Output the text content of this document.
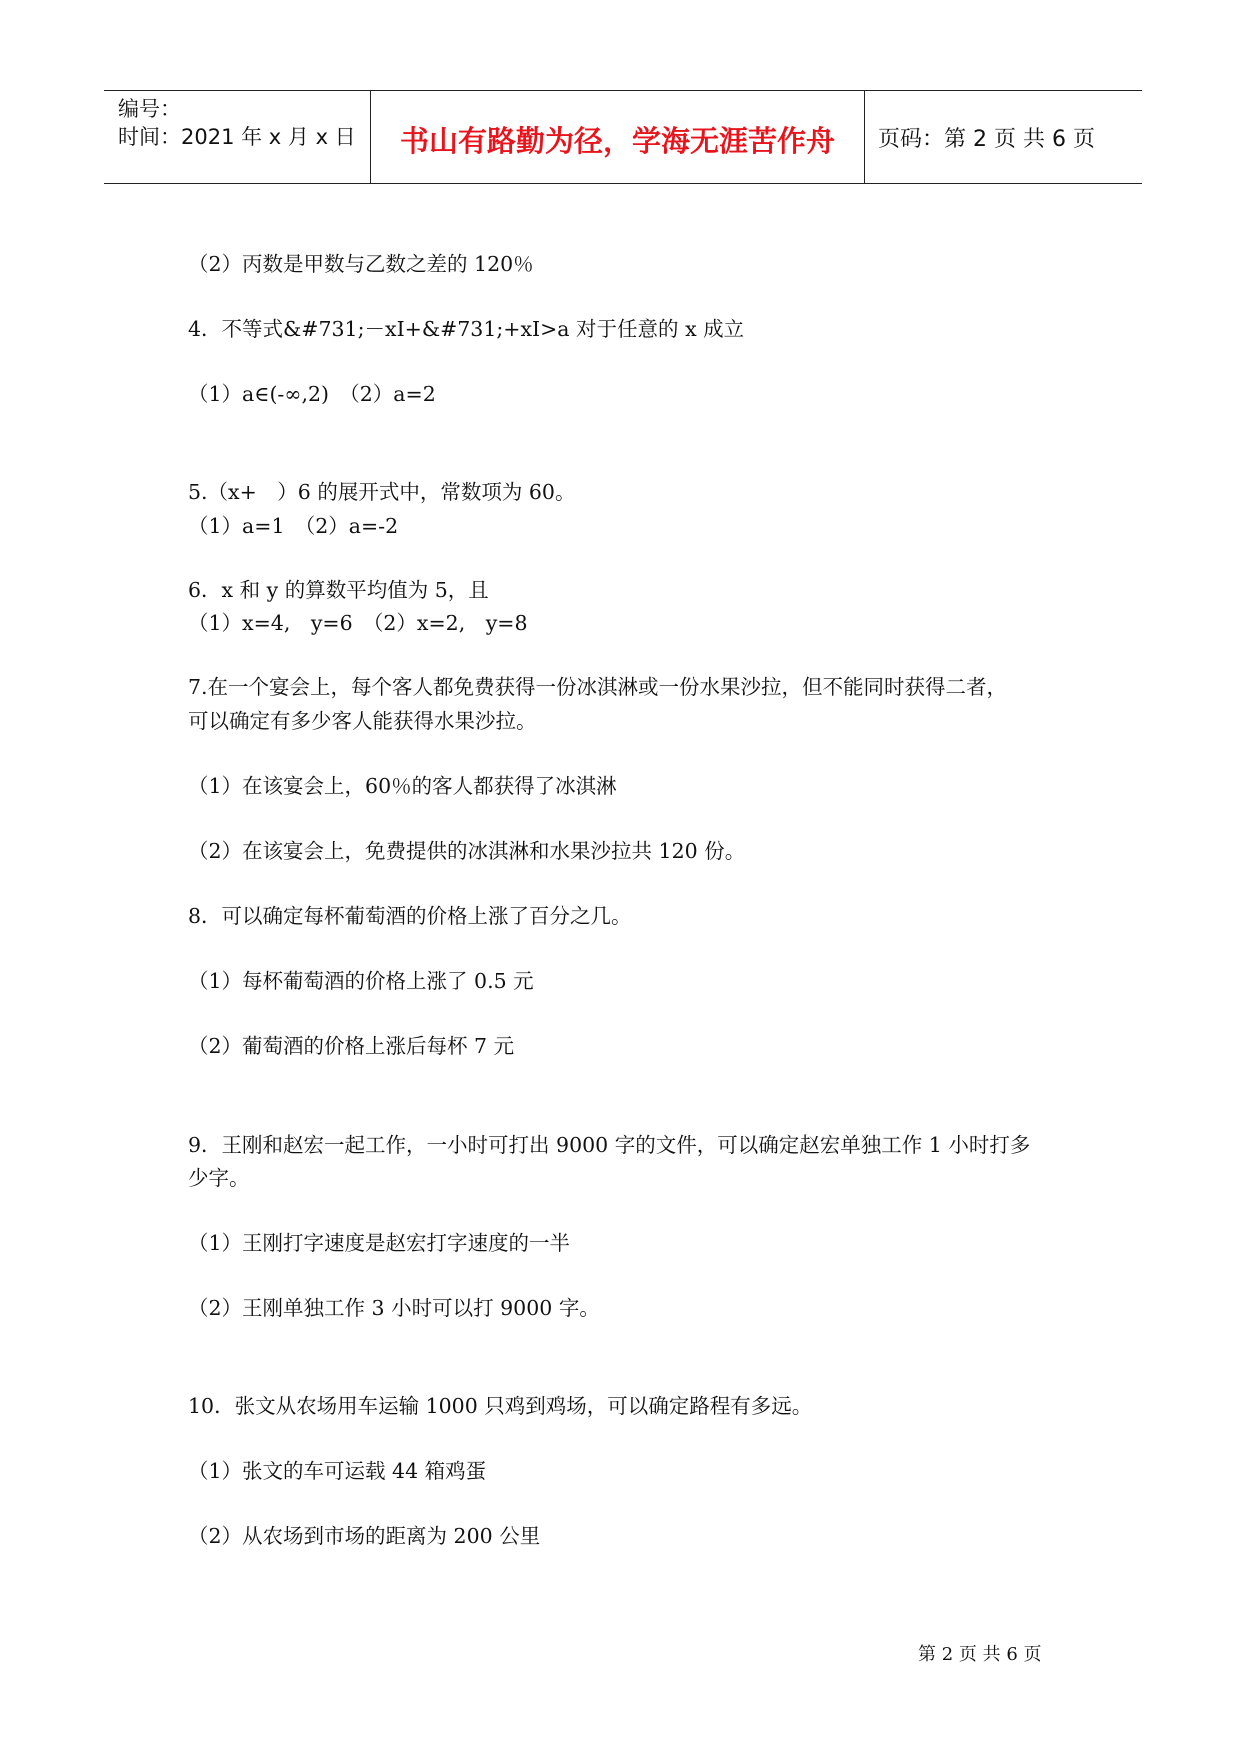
编号：
时间：2021 年 x 月 x 日	书山有路勤为径，学海无涯苦作舟	页码：第 2 页 共 6 页
（2）丙数是甲数与乙数之差的 120％
4．不等式&#731;－xI+&#731;+xI>a 对于任意的 x 成立
（1）a∈(-∞,2)　（2）a=2
5.（x+　）6 的展开式中，常数项为 60。
（1）a=1　（2）a=-2
6．x 和 y 的算数平均值为 5，且
（1）x=4,　y=6　（2）x=2,　y=8
7.在一个宴会上，每个客人都免费获得一份冰淇淋或一份水果沙拉，但不能同时获得二者，
可以确定有多少客人能获得水果沙拉。
（1）在该宴会上，60％的客人都获得了冰淇淋
（2）在该宴会上，免费提供的冰淇淋和水果沙拉共 120 份。
8．可以确定每杯葡萄酒的价格上涨了百分之几。
（1）每杯葡萄酒的价格上涨了 0.5 元
（2）葡萄酒的价格上涨后每杯 7 元
9．王刚和赵宏一起工作，一小时可打出 9000 字的文件，可以确定赵宏单独工作 1 小时打多
少字。
（1）王刚打字速度是赵宏打字速度的一半
（2）王刚单独工作 3 小时可以打 9000 字。
10．张文从农场用车运输 1000 只鸡到鸡场，可以确定路程有多远。
（1）张文的车可运载 44 箱鸡蛋
（2）从农场到市场的距离为 200 公里
第 2 页 共 6 页
